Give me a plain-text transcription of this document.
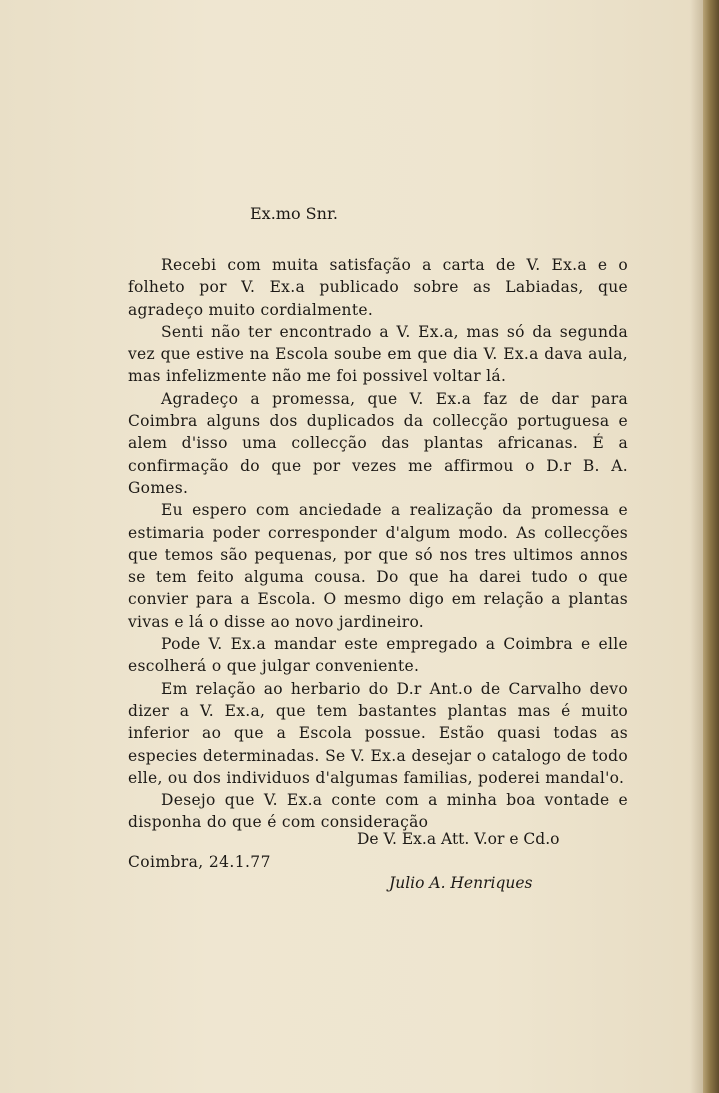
Ex.mo Snr.

Recebi com muita satisfação a carta de V. Ex.a e o folheto por V. Ex.a publicado sobre as Labiadas, que agradeço muito cordialmente.

Senti não ter encontrado a V. Ex.a, mas só da segunda vez que estive na Escola soube em que dia V. Ex.a dava aula, mas infelizmente não me foi possivel voltar lá.

Agradeço a promessa, que V. Ex.a faz de dar para Coimbra alguns dos duplicados da collecção portuguesa e alem d'isso uma collecção das plantas africanas. É a confirmação do que por vezes me affirmou o D.r B. A. Gomes.

Eu espero com anciedade a realização da promessa e estimaria poder corresponder d'algum modo. As collecções que temos são pequenas, por que só nos tres ultimos annos se tem feito alguma cousa. Do que ha darei tudo o que convier para a Escola. O mesmo digo em relação a plantas vivas e lá o disse ao novo jardineiro.

Pode V. Ex.a mandar este empregado a Coimbra e elle escolherá o que julgar conveniente.

Em relação ao herbario do D.r Ant.o de Carvalho devo dizer a V. Ex.a, que tem bastantes plantas mas é muito inferior ao que a Escola possue. Estão quasi todas as especies determinadas. Se V. Ex.a desejar o catalogo de todo elle, ou dos individuos d'algumas familias, poderei mandal'o.

Desejo que V. Ex.a conte com a minha boa vontade e disponha do que é com consideração

De V. Ex.a Att. V.or e Cd.o
Coimbra, 24.1.77
Julio A. Henriques
